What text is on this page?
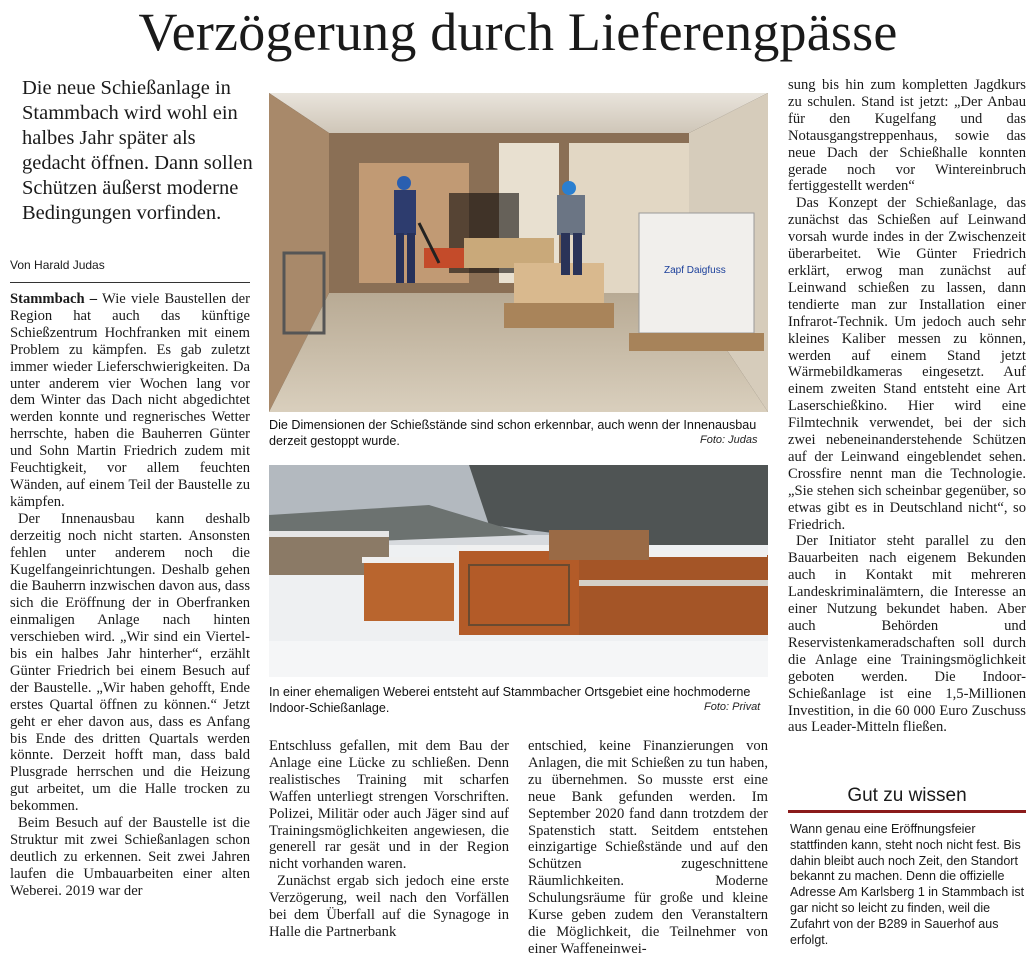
Verzögerung durch Lieferengpässe

Die neue Schießanlage in Stammbach wird wohl ein halbes Jahr später als gedacht öffnen. Dann sollen Schützen äußerst moderne Bedingungen vorfinden.

Von Harald Judas

Stammbach – Wie viele Baustellen der Region hat auch das künftige Schießzentrum Hochfranken mit einem Problem zu kämpfen. Es gab zuletzt immer wieder Lieferschwierigkeiten. Da unter anderem vier Wochen lang vor dem Winter das Dach nicht abgedichtet werden konnte und regnerisches Wetter herrschte, haben die Bauherren Günter und Sohn Martin Friedrich zudem mit Feuchtigkeit, vor allem feuchten Wänden, auf einem Teil der Baustelle zu kämpfen.

Der Innenausbau kann deshalb derzeitig noch nicht starten. Ansonsten fehlen unter anderem noch die Kugelfangeinrichtungen. Deshalb gehen die Bauherrn inzwischen davon aus, dass sich die Eröffnung der in Oberfranken einmaligen Anlage nach hinten verschieben wird. „Wir sind ein Viertel- bis ein halbes Jahr hinterher“, erzählt Günter Friedrich bei einem Besuch auf der Baustelle. „Wir haben gehofft, Ende erstes Quartal öffnen zu können.“ Jetzt geht er eher davon aus, dass es Anfang bis Ende des dritten Quartals werden könnte. Derzeit hofft man, dass bald Plusgrade herrschen und die Heizung gut arbeitet, um die Halle trocken zu bekommen.

Beim Besuch auf der Baustelle ist die Struktur mit zwei Schießanlagen schon deutlich zu erkennen. Seit zwei Jahren laufen die Umbauarbeiten einer alten Weberei. 2019 war der

Zapf Daigfuss
Die Dimensionen der Schießstände sind schon erkennbar, auch wenn der Innenausbau derzeit gestoppt wurde.	Foto: Judas
In einer ehemaligen Weberei entsteht auf Stammbacher Ortsgebiet eine hochmoderne Indoor-Schießanlage.	Foto: Privat

Entschluss gefallen, mit dem Bau der Anlage eine Lücke zu schließen. Denn realistisches Training mit scharfen Waffen unterliegt strengen Vorschriften. Polizei, Militär oder auch Jäger sind auf Trainingsmöglichkeiten angewiesen, die generell rar gesät und in der Region nicht vorhanden waren.

Zunächst ergab sich jedoch eine erste Verzögerung, weil nach den Vorfällen bei dem Überfall auf die Synagoge in Halle die Partnerbank

entschied, keine Finanzierungen von Anlagen, die mit Schießen zu tun haben, zu übernehmen. So musste erst eine neue Bank gefunden werden. Im September 2020 fand dann trotzdem der Spatenstich statt. Seitdem entstehen einzigartige Schießstände und auf den Schützen zugeschnittene Räumlichkeiten. Moderne Schulungsräume für große und kleine Kurse geben zudem den Veranstaltern die Möglichkeit, die Teilnehmer von einer Waffeneinwei-

sung bis hin zum kompletten Jagdkurs zu schulen. Stand ist jetzt: „Der Anbau für den Kugelfang und das Notausgangstreppenhaus, sowie das neue Dach der Schießhalle konnten gerade noch vor Wintereinbruch fertiggestellt werden“

Das Konzept der Schießanlage, das zunächst das Schießen auf Leinwand vorsah wurde indes in der Zwischenzeit überarbeitet. Wie Günter Friedrich erklärt, erwog man zunächst auf Leinwand schießen zu lassen, dann tendierte man zur Installation einer Infrarot-Technik. Um jedoch auch sehr kleines Kaliber messen zu können, werden auf einem Stand jetzt Wärmebildkameras eingesetzt. Auf einem zweiten Stand entsteht eine Art Laserschießkino. Hier wird eine Filmtechnik verwendet, bei der sich zwei nebeneinanderstehende Schützen auf der Leinwand eingeblendet sehen. Crossfire nennt man die Technologie. „Sie stehen sich scheinbar gegenüber, so etwas gibt es in Deutschland nicht“, so Friedrich.

Der Initiator steht parallel zu den Bauarbeiten nach eigenem Bekunden auch in Kontakt mit mehreren Landeskriminalämtern, die Interesse an einer Nutzung bekundet haben. Aber auch Behörden und Reservistenkameradschaften soll durch die Anlage eine Trainingsmöglichkeit geboten werden. Die Indoor-Schießanlage ist eine 1,5-Millionen Investition, in die 60 000 Euro Zuschuss aus Leader-Mitteln fließen.

Gut zu wissen
Wann genau eine Eröffnungsfeier stattfinden kann, steht noch nicht fest. Bis dahin bleibt auch noch Zeit, den Standort bekannt zu machen. Denn die offizielle Adresse Am Karlsberg 1 in Stammbach ist gar nicht so leicht zu finden, weil die Zufahrt von der B289 in Sauerhof aus erfolgt.
